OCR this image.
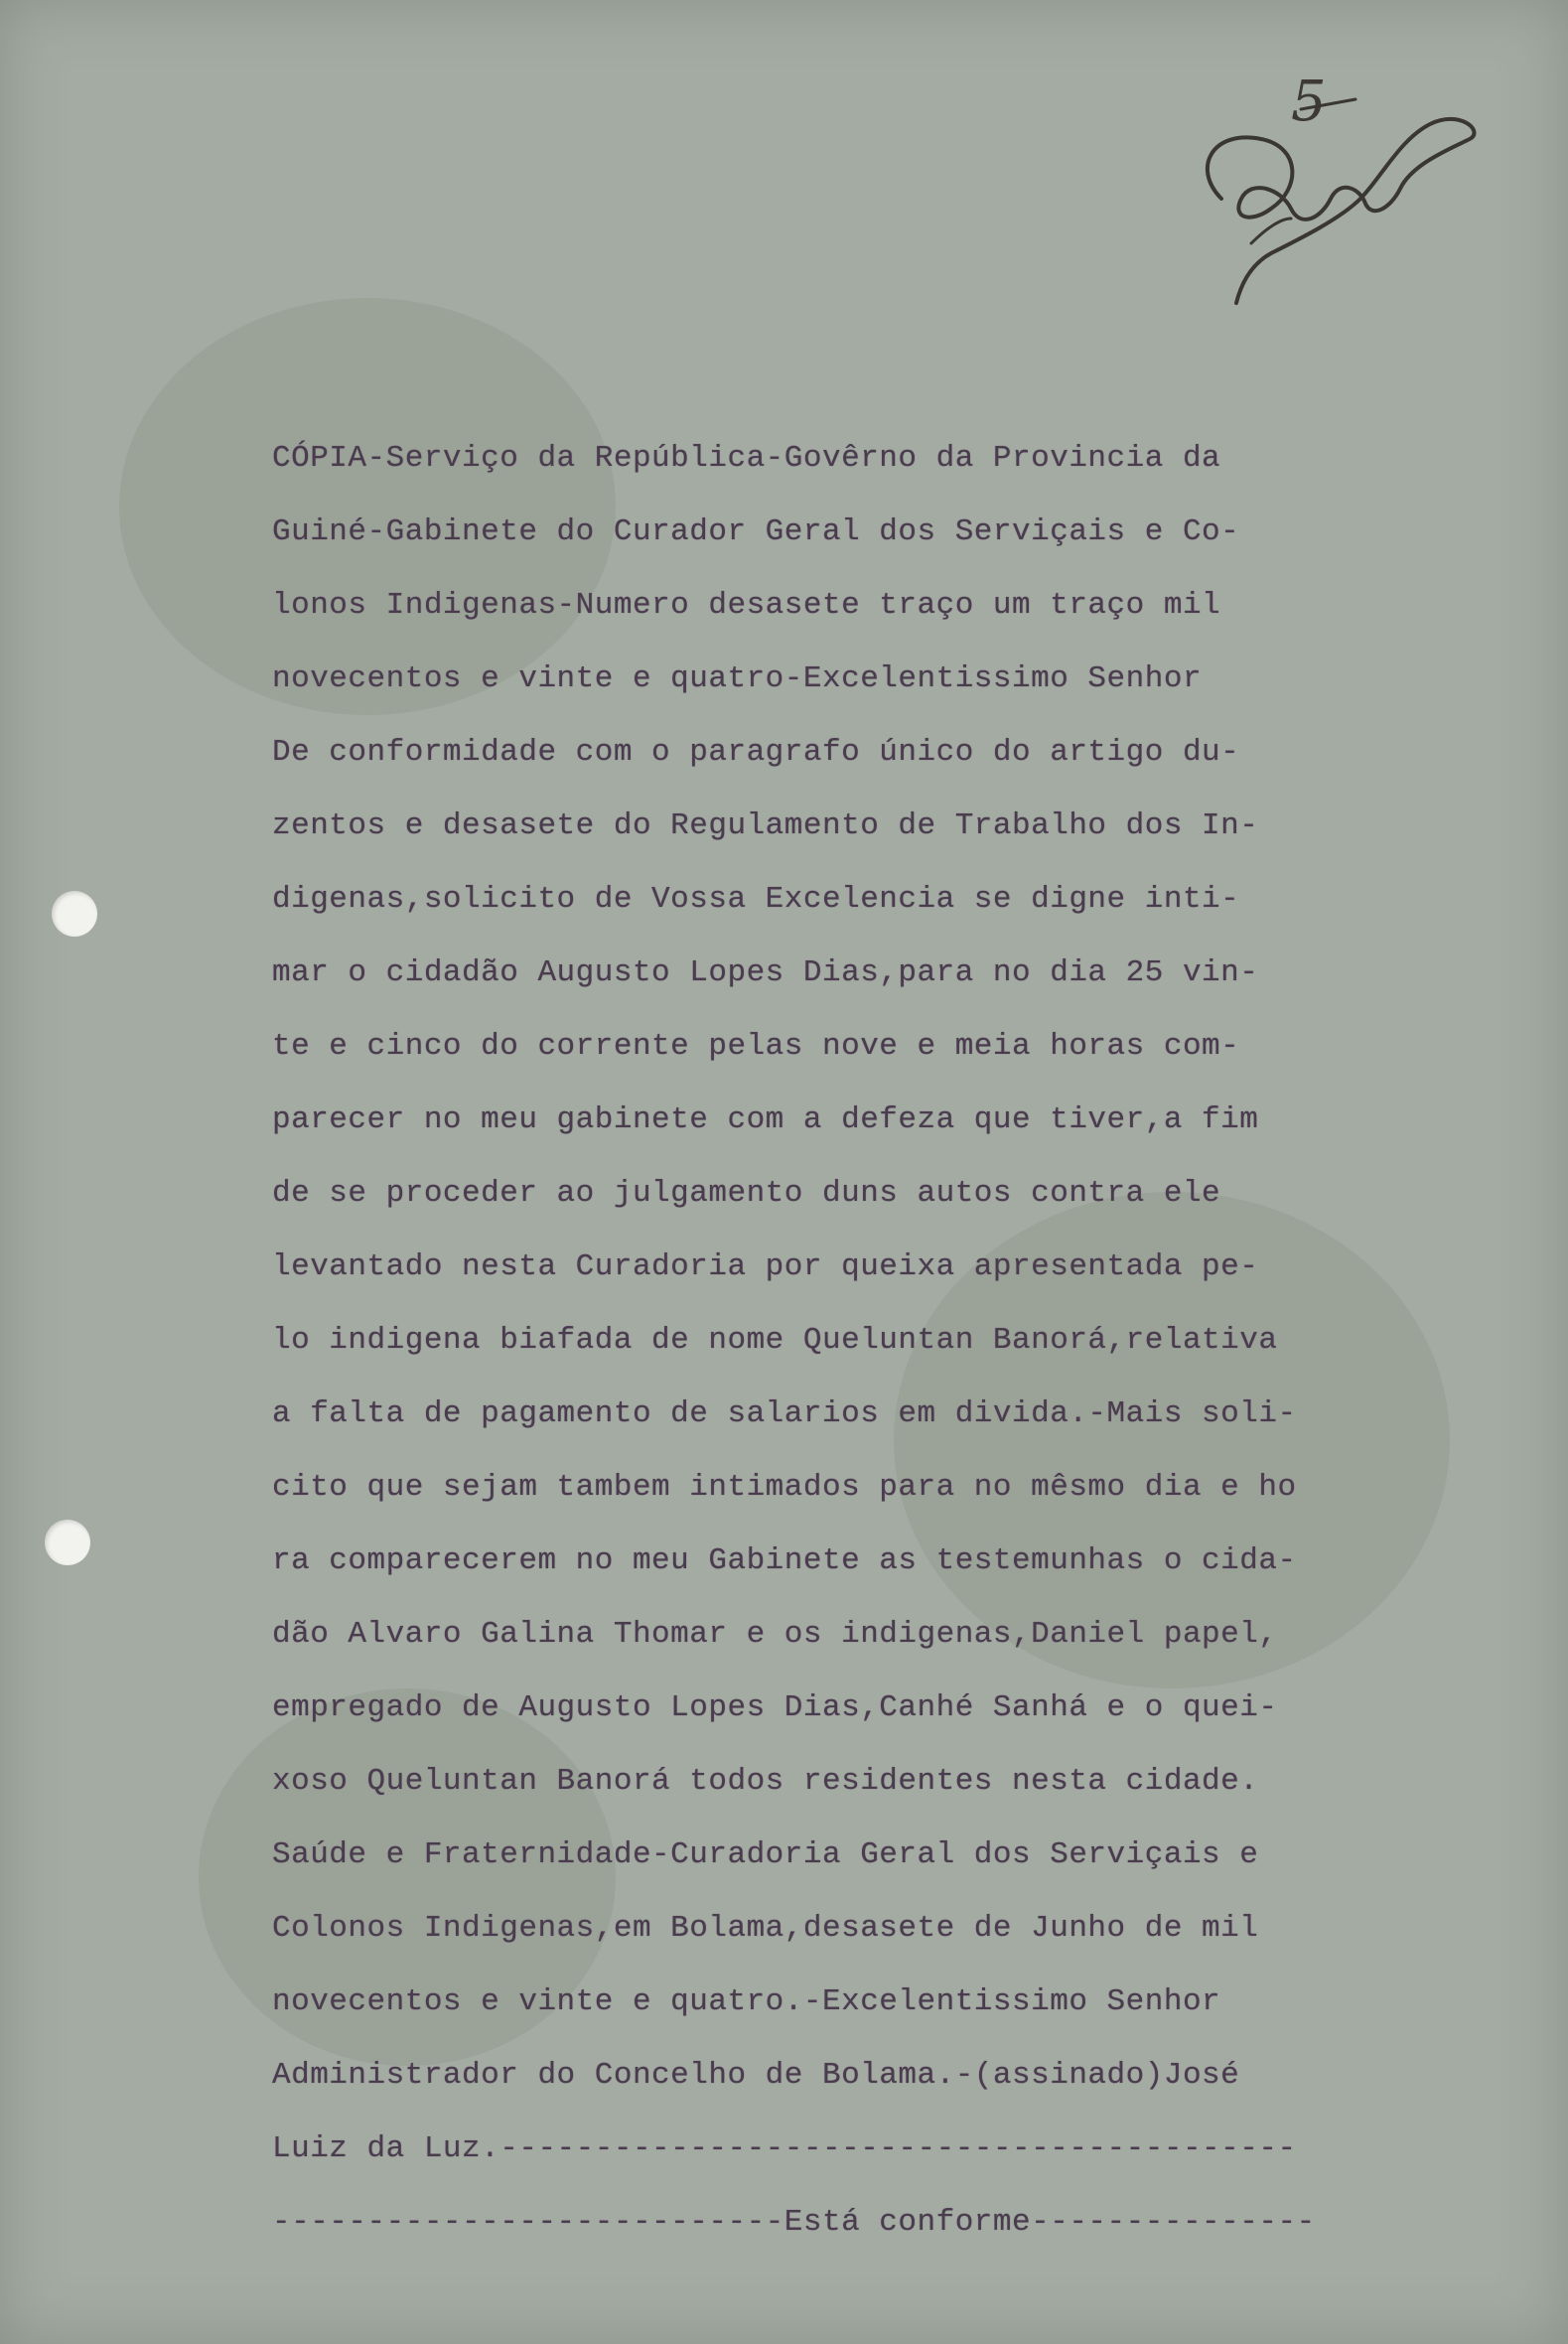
5
CÓPIA-Serviço da República-Govêrno da Provincia da
Guiné-Gabinete do Curador Geral dos Serviçais e Co-
lonos Indigenas-Numero desasete traço um traço mil
novecentos e vinte e quatro-Excelentissimo Senhor
De conformidade com o paragrafo único do artigo du-
zentos e desasete do Regulamento de Trabalho dos In-
digenas,solicito de Vossa Excelencia se digne inti-
mar o cidadão Augusto Lopes Dias,para no dia 25 vin-
te e cinco do corrente pelas nove e meia horas com-
parecer no meu gabinete com a defeza que tiver,a fim
de se proceder ao julgamento duns autos contra ele
levantado nesta Curadoria por queixa apresentada pe-
lo indigena biafada de nome Queluntan Banorá,relativa
a falta de pagamento de salarios em divida.-Mais soli-
cito que sejam tambem intimados para no mêsmo dia e ho
ra comparecerem no meu Gabinete as testemunhas o cida-
dão Alvaro Galina Thomar e os indigenas,Daniel papel,
empregado de Augusto Lopes Dias,Canhé Sanhá e o quei-
xoso Queluntan Banorá todos residentes nesta cidade.
Saúde e Fraternidade-Curadoria Geral dos Serviçais e
Colonos Indigenas,em Bolama,desasete de Junho de mil
novecentos e vinte e quatro.-Excelentissimo Senhor
Administrador do Concelho de Bolama.-(assinado)José
Luiz da Luz.------------------------------------------
---------------------------Está conforme---------------
